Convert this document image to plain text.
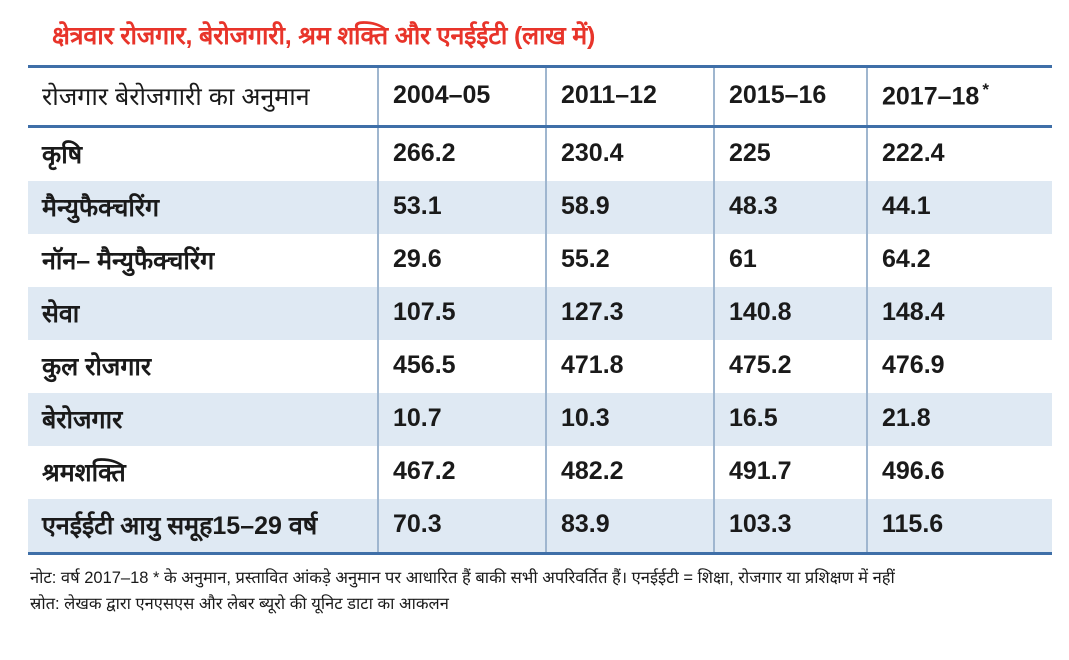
क्षेत्रवार रोजगार, बेरोजगारी, श्रम शक्ति और एनईईटी (लाख में)
रोजगार बेरोजगारी का अनुमान	2004–05	2011–12	2015–16	2017–18 *
कृषि	266.2	230.4	225	222.4
मैन्युफैक्चरिंग	53.1	58.9	48.3	44.1
नॉन– मैन्युफैक्चरिंग	29.6	55.2	61	64.2
सेवा	107.5	127.3	140.8	148.4
कुल रोजगार	456.5	471.8	475.2	476.9
बेरोजगार	10.7	10.3	16.5	21.8
श्रमशक्ति	467.2	482.2	491.7	496.6
एनईईटी आयु समूह15–29 वर्ष	70.3	83.9	103.3	115.6
नोट: वर्ष 2017–18 * के अनुमान, प्रस्तावित आंकड़े अनुमान पर आधारित हैं बाकी सभी अपरिवर्तित हैं। एनईईटी = शिक्षा, रोजगार या प्रशिक्षण में नहीं
स्रोत: लेखक द्वारा एनएसएस और लेबर ब्यूरो की यूनिट डाटा का आकलन
